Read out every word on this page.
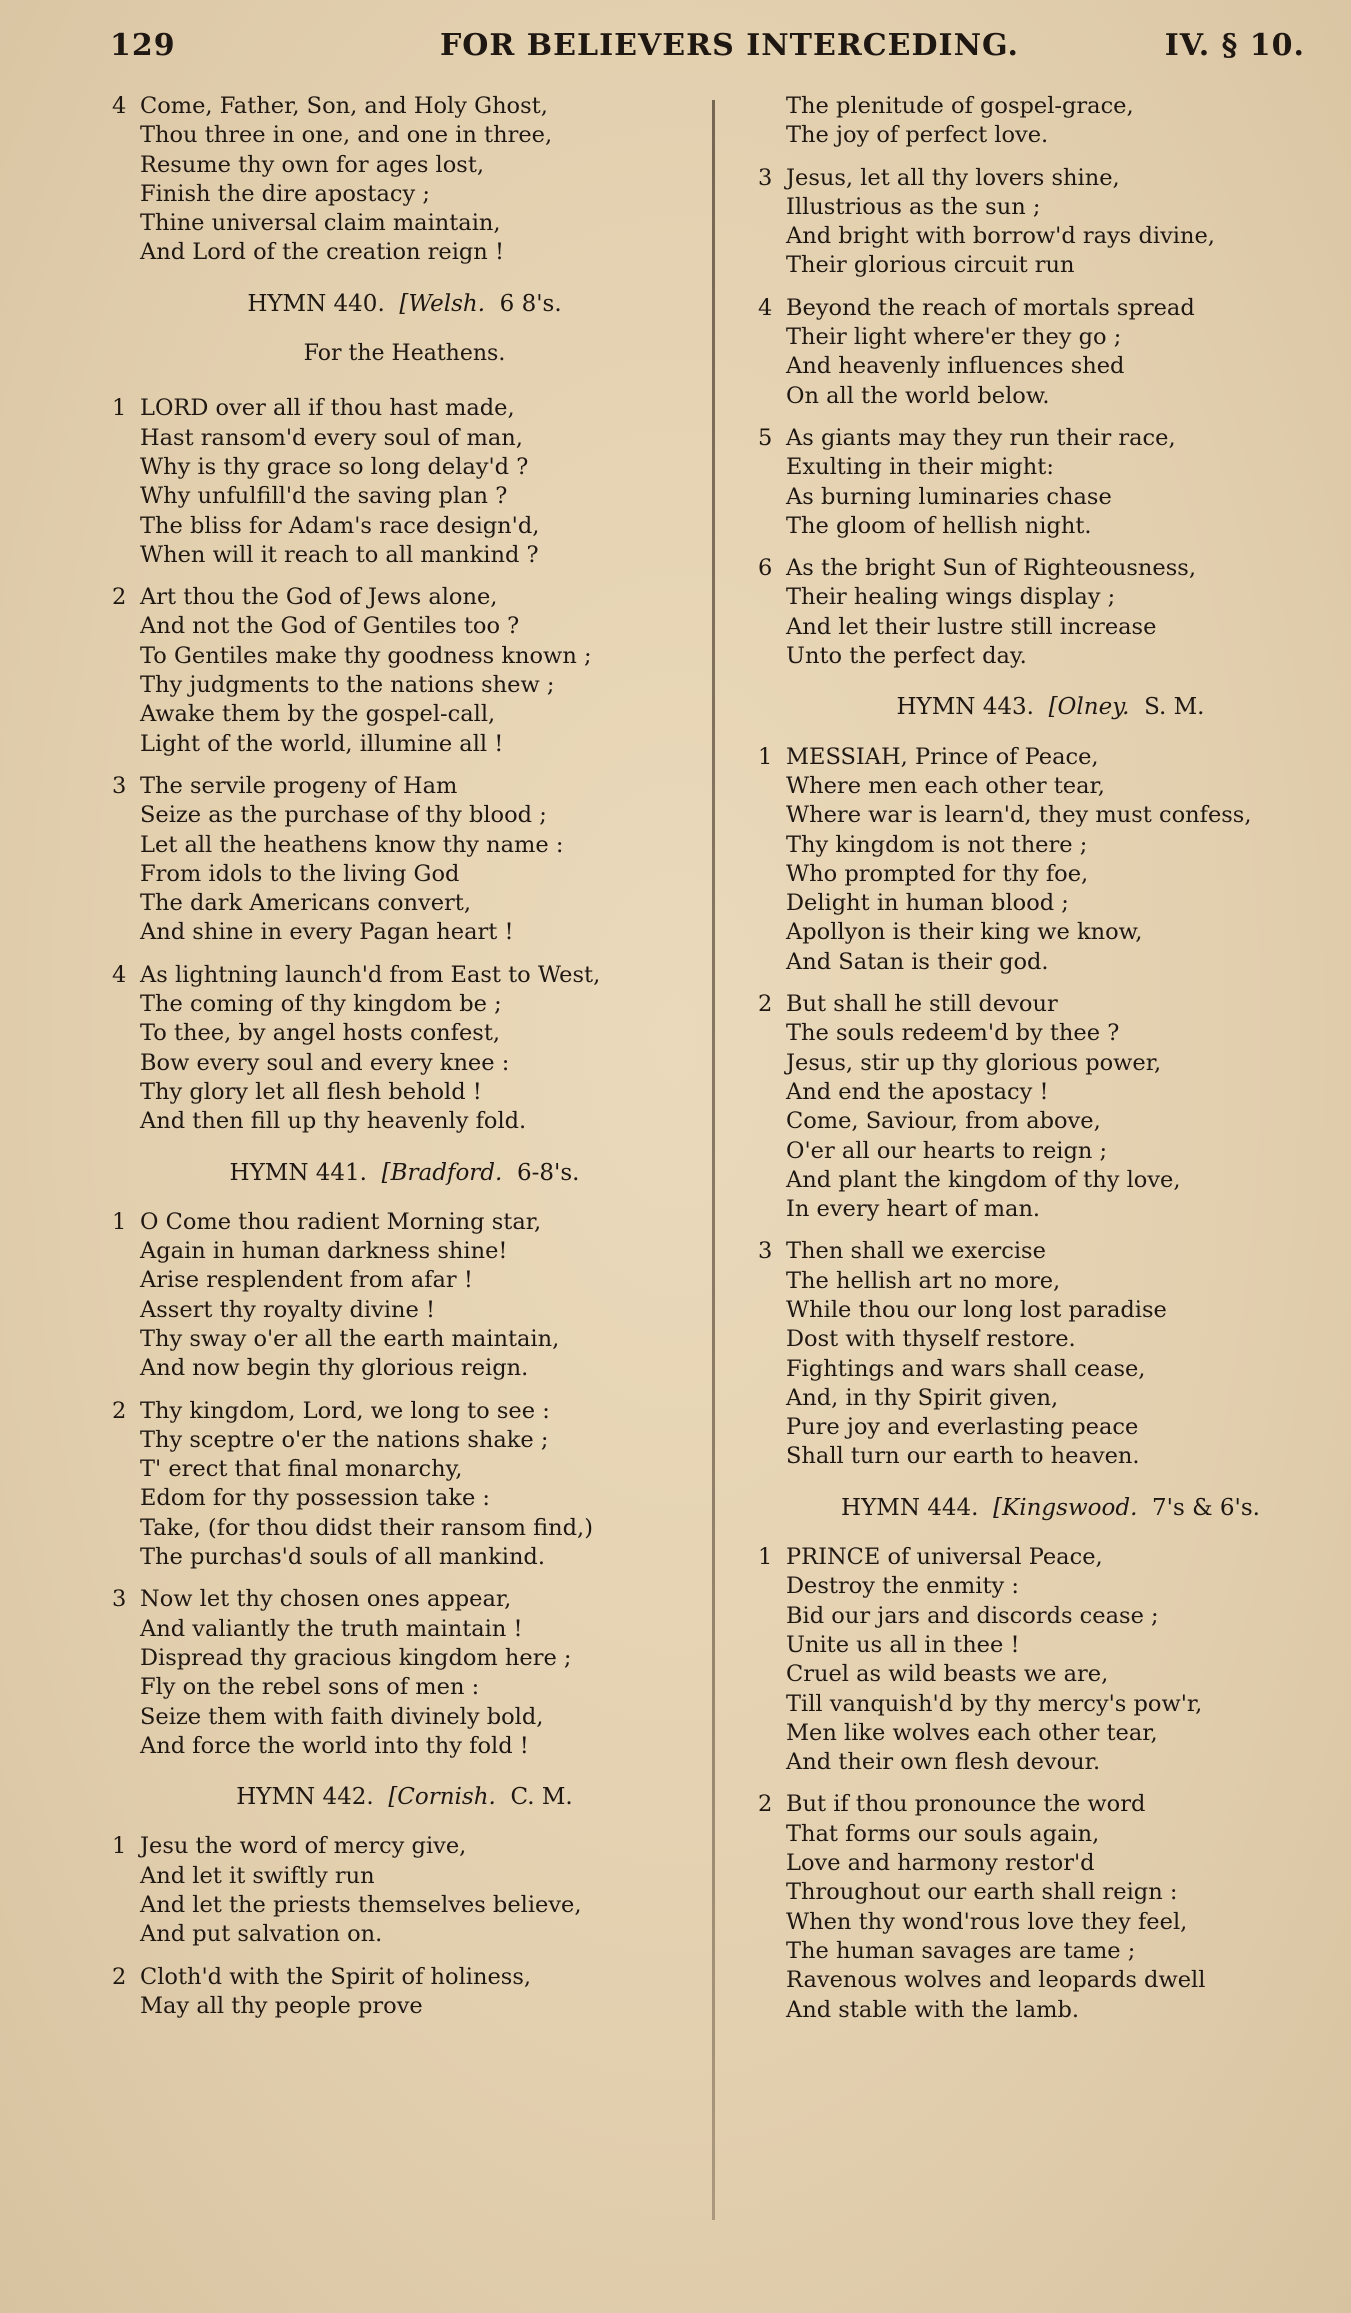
129	FOR BELIEVERS INTERCEDING.	IV. § 10.
4 Come, Father, Son, and Holy Ghost,
Thou three in one, and one in three,
Resume thy own for ages lost,
Finish the dire apostacy ;
Thine universal claim maintain,
And Lord of the creation reign !
HYMN 440. [Welsh. 6 8's.
For the Heathens.
1 LORD over all if thou hast made,
Hast ransom'd every soul of man,
Why is thy grace so long delay'd ?
Why unfulfill'd the saving plan ?
The bliss for Adam's race design'd,
When will it reach to all mankind ?
2 Art thou the God of Jews alone,
And not the God of Gentiles too ?
To Gentiles make thy goodness known ;
Thy judgments to the nations shew ;
Awake them by the gospel-call,
Light of the world, illumine all !
3 The servile progeny of Ham
Seize as the purchase of thy blood ;
Let all the heathens know thy name :
From idols to the living God
The dark Americans convert,
And shine in every Pagan heart !
4 As lightning launch'd from East to West,
The coming of thy kingdom be ;
To thee, by angel hosts confest,
Bow every soul and every knee :
Thy glory let all flesh behold !
And then fill up thy heavenly fold.
HYMN 441. [Bradford. 6-8's.
1 O Come thou radient Morning star,
Again in human darkness shine!
Arise resplendent from afar !
Assert thy royalty divine !
Thy sway o'er all the earth maintain,
And now begin thy glorious reign.
2 Thy kingdom, Lord, we long to see :
Thy sceptre o'er the nations shake ;
T' erect that final monarchy,
Edom for thy possession take :
Take, (for thou didst their ransom find,)
The purchas'd souls of all mankind.
3 Now let thy chosen ones appear,
And valiantly the truth maintain !
Dispread thy gracious kingdom here ;
Fly on the rebel sons of men :
Seize them with faith divinely bold,
And force the world into thy fold !
HYMN 442. [Cornish. C. M.
1 Jesu the word of mercy give,
And let it swiftly run
And let the priests themselves believe,
And put salvation on.
2 Cloth'd with the Spirit of holiness,
May all thy people prove
The plenitude of gospel-grace,
The joy of perfect love.
3 Jesus, let all thy lovers shine,
Illustrious as the sun ;
And bright with borrow'd rays divine,
Their glorious circuit run
4 Beyond the reach of mortals spread
Their light where'er they go ;
And heavenly influences shed
On all the world below.
5 As giants may they run their race,
Exulting in their might:
As burning luminaries chase
The gloom of hellish night.
6 As the bright Sun of Righteousness,
Their healing wings display ;
And let their lustre still increase
Unto the perfect day.
HYMN 443. [Olney. S. M.
1 MESSIAH, Prince of Peace,
Where men each other tear,
Where war is learn'd, they must confess,
Thy kingdom is not there ;
Who prompted for thy foe,
Delight in human blood ;
Apollyon is their king we know,
And Satan is their god.
2 But shall he still devour
The souls redeem'd by thee ?
Jesus, stir up thy glorious power,
And end the apostacy !
Come, Saviour, from above,
O'er all our hearts to reign ;
And plant the kingdom of thy love,
In every heart of man.
3 Then shall we exercise
The hellish art no more,
While thou our long lost paradise
Dost with thyself restore.
Fightings and wars shall cease,
And, in thy Spirit given,
Pure joy and everlasting peace
Shall turn our earth to heaven.
HYMN 444. [Kingswood. 7's & 6's.
1 PRINCE of universal Peace,
Destroy the enmity :
Bid our jars and discords cease ;
Unite us all in thee !
Cruel as wild beasts we are,
Till vanquish'd by thy mercy's pow'r,
Men like wolves each other tear,
And their own flesh devour.
2 But if thou pronounce the word
That forms our souls again,
Love and harmony restor'd
Throughout our earth shall reign :
When thy wond'rous love they feel,
The human savages are tame ;
Ravenous wolves and leopards dwell
And stable with the lamb.
